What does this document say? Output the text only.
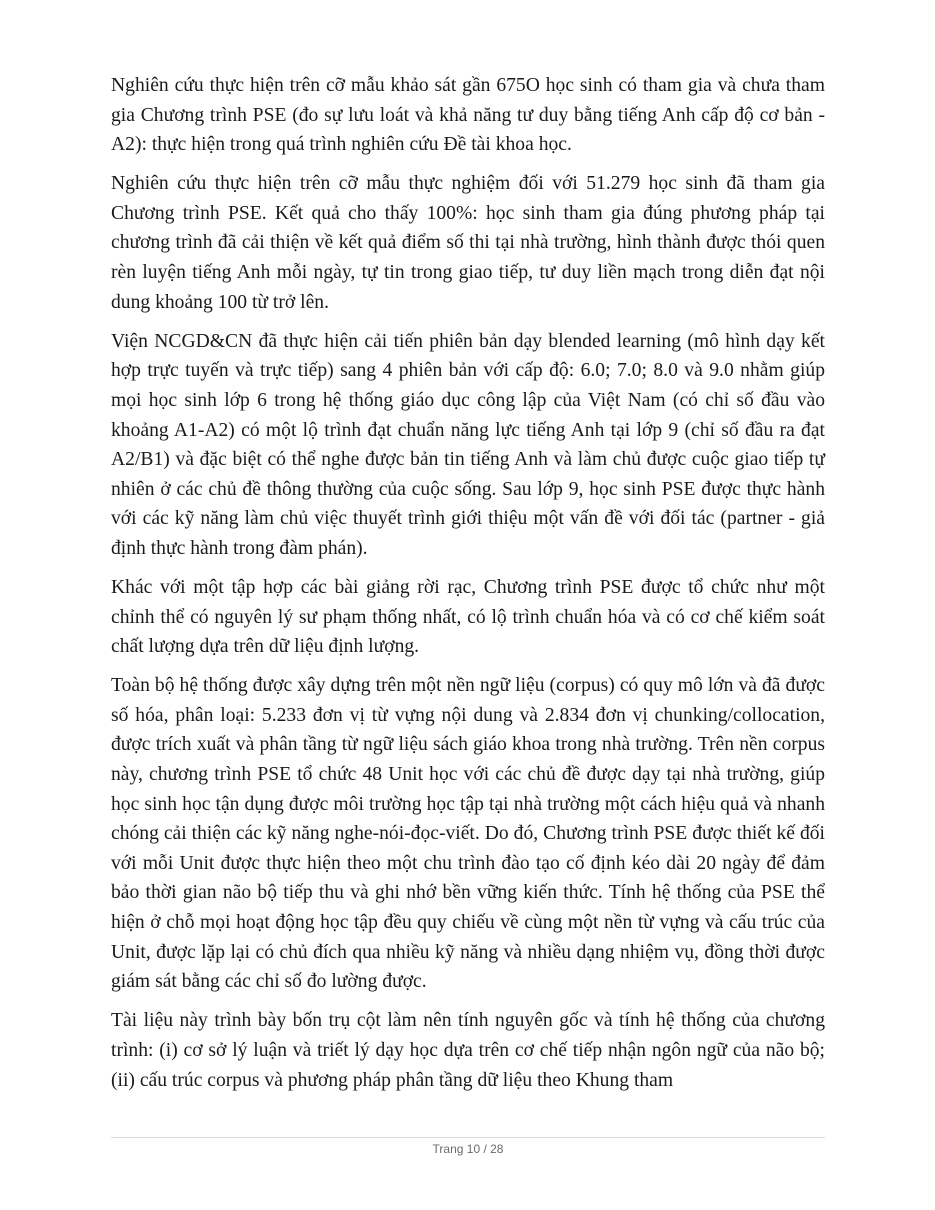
Nghiên cứu thực hiện trên cỡ mẫu khảo sát gần 675O học sinh có tham gia và chưa tham gia Chương trình PSE (đo sự lưu loát và khả năng tư duy bằng tiếng Anh cấp độ cơ bản - A2): thực hiện trong quá trình nghiên cứu Đề tài khoa học.

Nghiên cứu thực hiện trên cỡ mẫu thực nghiệm đối với 51.279 học sinh đã tham gia Chương trình PSE. Kết quả cho thấy 100%: học sinh tham gia đúng phương pháp tại chương trình đã cải thiện về kết quả điểm số thi tại nhà trường, hình thành được thói quen rèn luyện tiếng Anh mỗi ngày, tự tin trong giao tiếp, tư duy liền mạch trong diễn đạt nội dung khoảng 100 từ trở lên.

Viện NCGD&CN đã thực hiện cải tiến phiên bản dạy blended learning (mô hình dạy kết hợp trực tuyến và trực tiếp) sang 4 phiên bản với cấp độ: 6.0; 7.0; 8.0 và 9.0 nhằm giúp mọi học sinh lớp 6 trong hệ thống giáo dục công lập của Việt Nam (có chỉ số đầu vào khoảng A1-A2) có một lộ trình đạt chuẩn năng lực tiếng Anh tại lớp 9 (chỉ số đầu ra đạt A2/B1) và đặc biệt có thể nghe được bản tin tiếng Anh và làm chủ được cuộc giao tiếp tự nhiên ở các chủ đề thông thường của cuộc sống. Sau lớp 9, học sinh PSE được thực hành với các kỹ năng làm chủ việc thuyết trình giới thiệu một vấn đề với đối tác (partner - giả định thực hành trong đàm phán).

Khác với một tập hợp các bài giảng rời rạc, Chương trình PSE được tổ chức như một chỉnh thể có nguyên lý sư phạm thống nhất, có lộ trình chuẩn hóa và có cơ chế kiểm soát chất lượng dựa trên dữ liệu định lượng.

Toàn bộ hệ thống được xây dựng trên một nền ngữ liệu (corpus) có quy mô lớn và đã được số hóa, phân loại: 5.233 đơn vị từ vựng nội dung và 2.834 đơn vị chunking/collocation, được trích xuất và phân tầng từ ngữ liệu sách giáo khoa trong nhà trường. Trên nền corpus này, chương trình PSE tổ chức 48 Unit học với các chủ đề được dạy tại nhà trường, giúp học sinh học tận dụng được môi trường học tập tại nhà trường một cách hiệu quả và nhanh chóng cải thiện các kỹ năng nghe-nói-đọc-viết. Do đó, Chương trình PSE được thiết kế đối với mỗi Unit được thực hiện theo một chu trình đào tạo cố định kéo dài 20 ngày để đảm bảo thời gian não bộ tiếp thu và ghi nhớ bền vững kiến thức. Tính hệ thống của PSE thể hiện ở chỗ mọi hoạt động học tập đều quy chiếu về cùng một nền từ vựng và cấu trúc của Unit, được lặp lại có chủ đích qua nhiều kỹ năng và nhiều dạng nhiệm vụ, đồng thời được giám sát bằng các chỉ số đo lường được.

Tài liệu này trình bày bốn trụ cột làm nên tính nguyên gốc và tính hệ thống của chương trình: (i) cơ sở lý luận và triết lý dạy học dựa trên cơ chế tiếp nhận ngôn ngữ của não bộ; (ii) cấu trúc corpus và phương pháp phân tầng dữ liệu theo Khung tham

Trang 10 / 28
